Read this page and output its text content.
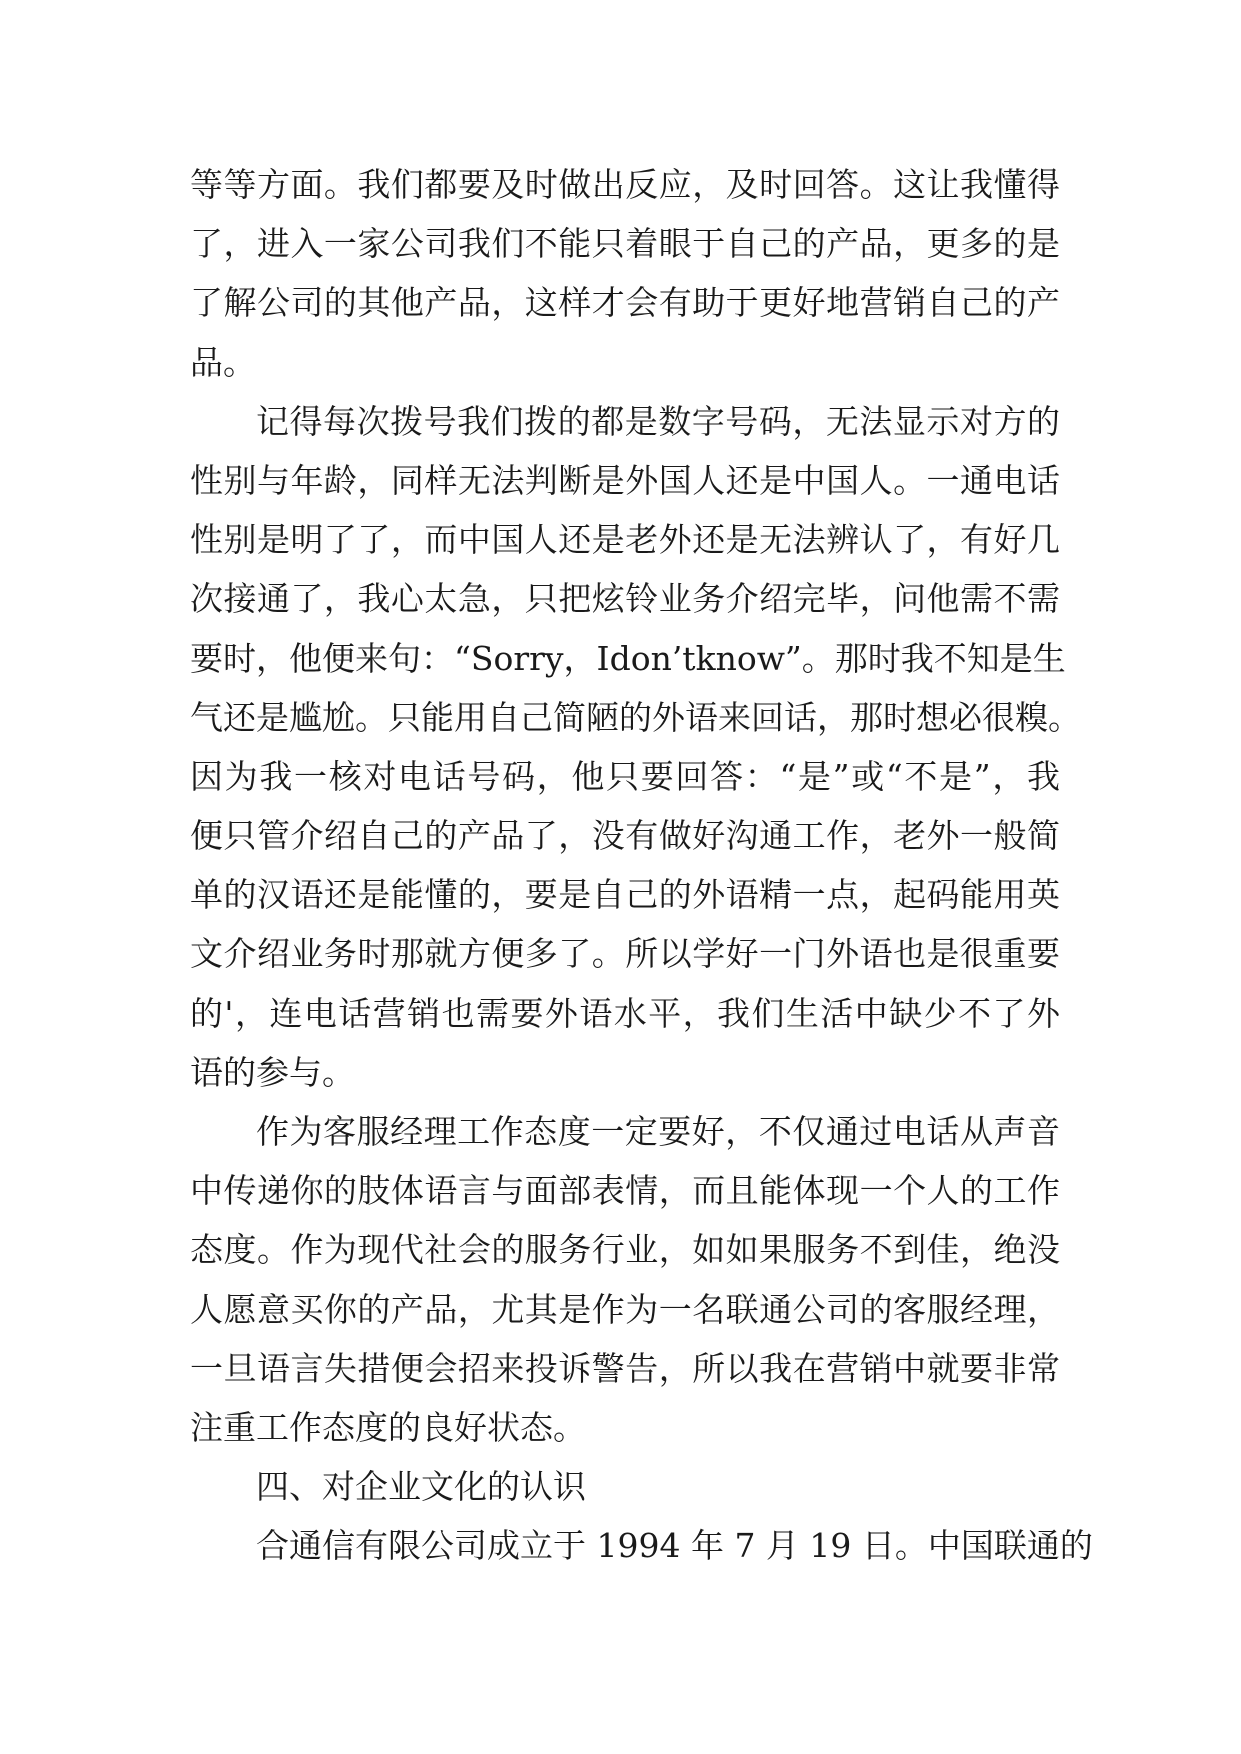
等等方面。我们都要及时做出反应，及时回答。这让我懂得
了，进入一家公司我们不能只着眼于自己的产品，更多的是
了解公司的其他产品，这样才会有助于更好地营销自己的产
品。
记得每次拨号我们拨的都是数字号码，无法显示对方的
性别与年龄，同样无法判断是外国人还是中国人。一通电话
性别是明了了，而中国人还是老外还是无法辨认了，有好几
次接通了，我心太急，只把炫铃业务介绍完毕，问他需不需
要时，他便来句：“Sorry，Idon’tknow”。那时我不知是生
气还是尴尬。只能用自己简陋的外语来回话，那时想必很糗。
因为我一核对电话号码，他只要回答：“是”或“不是”，我
便只管介绍自己的产品了，没有做好沟通工作，老外一般简
单的汉语还是能懂的，要是自己的外语精一点，起码能用英
文介绍业务时那就方便多了。所以学好一门外语也是很重要
的'，连电话营销也需要外语水平，我们生活中缺少不了外
语的参与。
作为客服经理工作态度一定要好，不仅通过电话从声音
中传递你的肢体语言与面部表情，而且能体现一个人的工作
态度。作为现代社会的服务行业，如如果服务不到佳，绝没
人愿意买你的产品，尤其是作为一名联通公司的客服经理，
一旦语言失措便会招来投诉警告，所以我在营销中就要非常
注重工作态度的良好状态。
四、对企业文化的认识
合通信有限公司成立于 1994 年 7 月 19 日。中国联通的
